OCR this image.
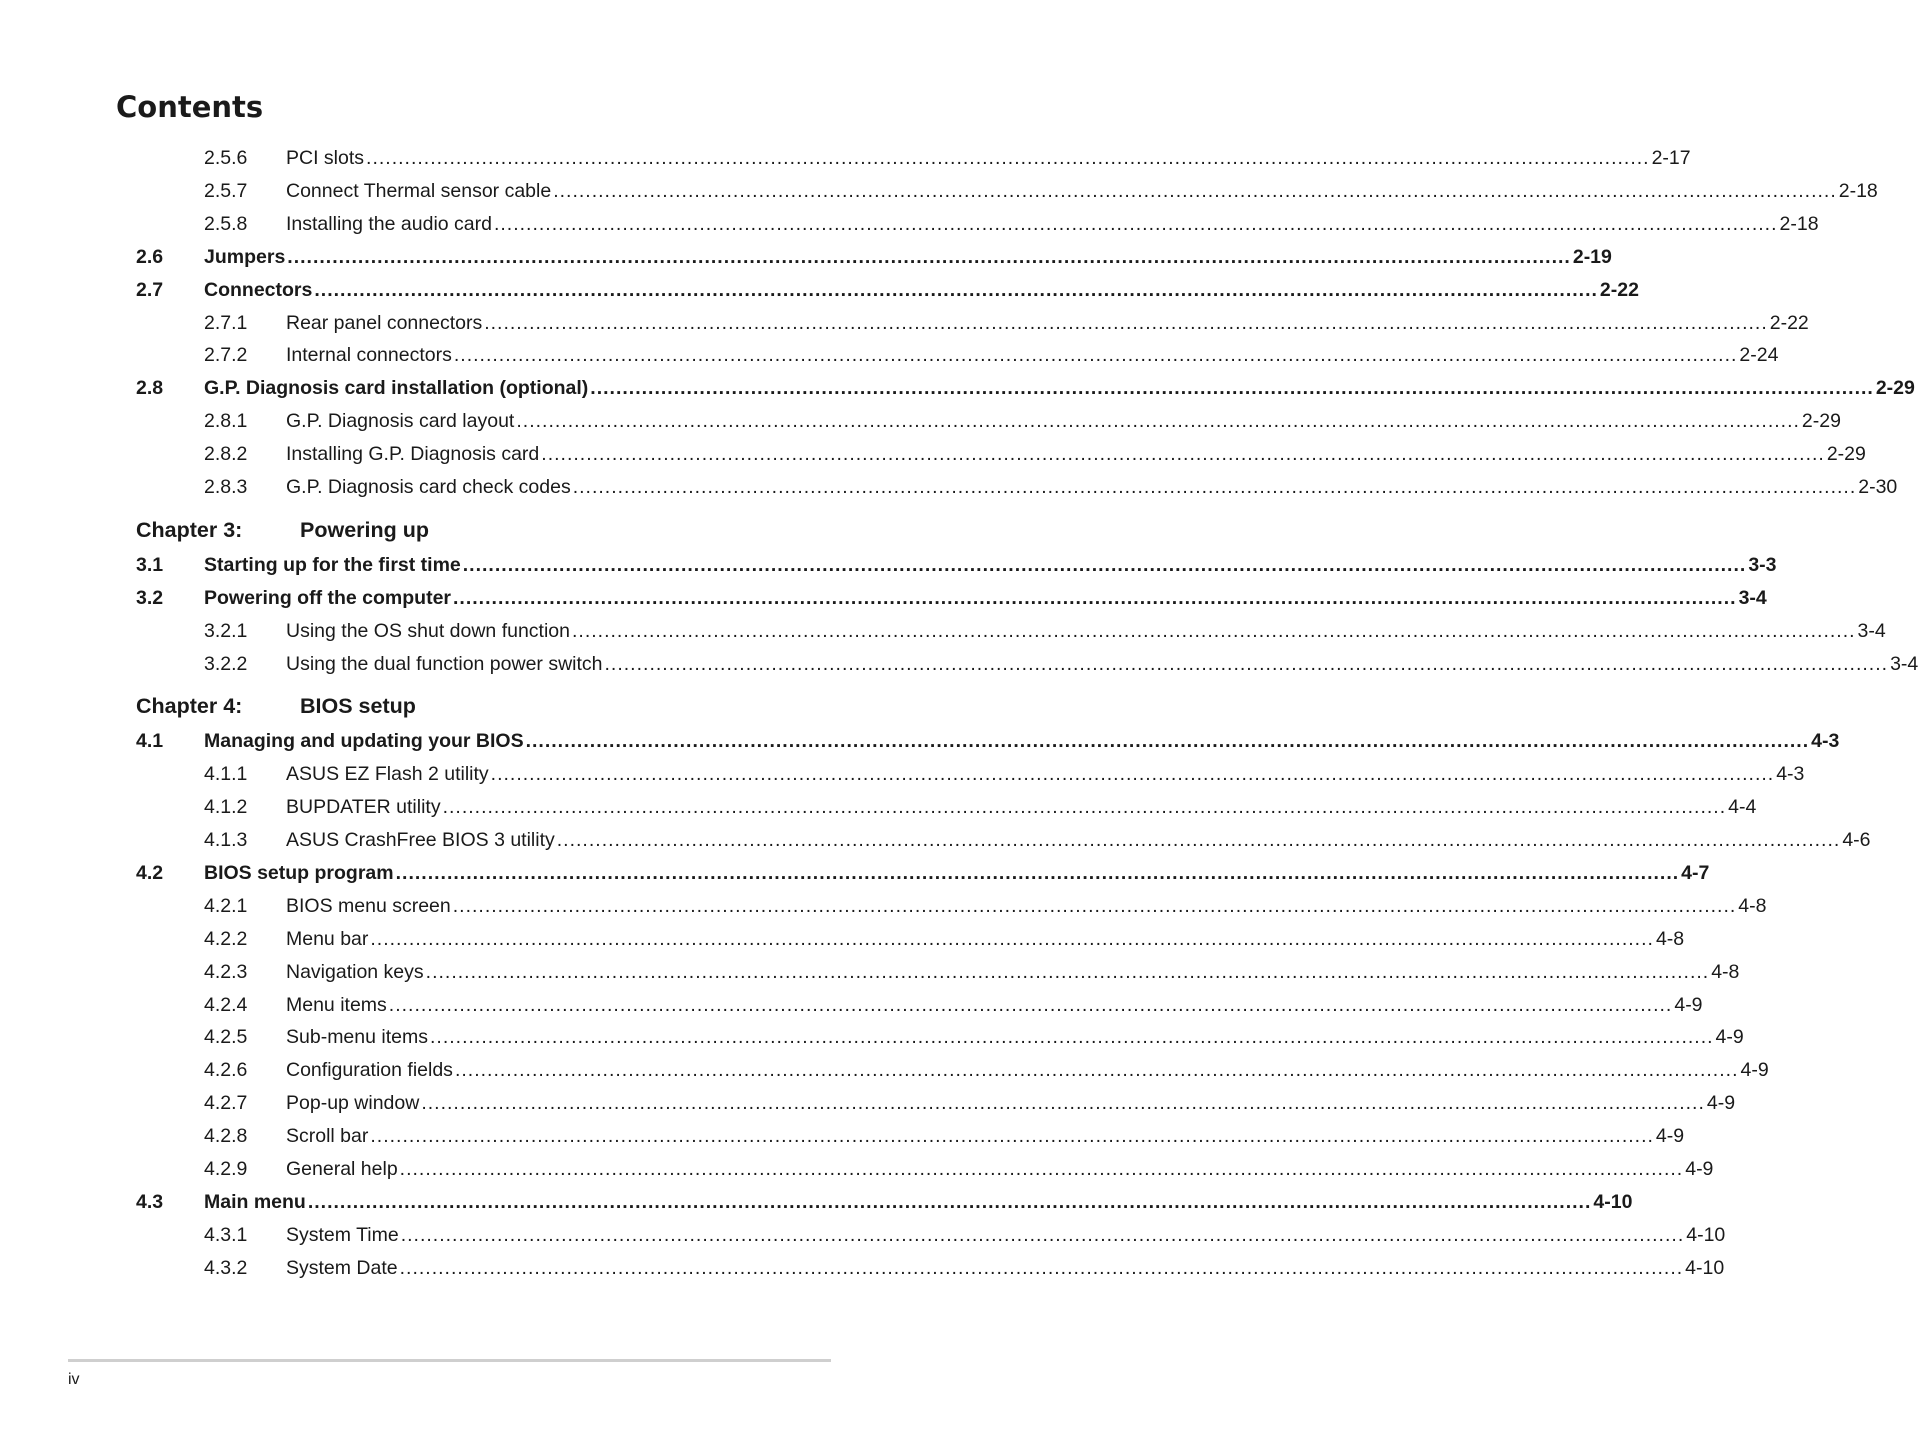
Contents
2.5.6 PCI slots ........................................................................................................................................................................................................ 2-17
2.5.7 Connect Thermal sensor cable ........................................................................................................................................................................................................ 2-18
2.5.8 Installing the audio card ........................................................................................................................................................................................................ 2-18
2.6 Jumpers ........................................................................................................................................................................................................ 2-19
2.7 Connectors ........................................................................................................................................................................................................ 2-22
2.7.1 Rear panel connectors ........................................................................................................................................................................................................ 2-22
2.7.2 Internal connectors ........................................................................................................................................................................................................ 2-24
2.8 G.P. Diagnosis card installation (optional) ........................................................................................................................................................................................................ 2-29
2.8.1 G.P. Diagnosis card layout ........................................................................................................................................................................................................ 2-29
2.8.2 Installing G.P. Diagnosis card ........................................................................................................................................................................................................ 2-29
2.8.3 G.P. Diagnosis card check codes ........................................................................................................................................................................................................ 2-30
Chapter 3:	Powering up
3.1 Starting up for the first time ........................................................................................................................................................................................................ 3-3
3.2 Powering off the computer ........................................................................................................................................................................................................ 3-4
3.2.1 Using the OS shut down function ........................................................................................................................................................................................................ 3-4
3.2.2 Using the dual function power switch ........................................................................................................................................................................................................ 3-4
Chapter 4:	BIOS setup
4.1 Managing and updating your BIOS ........................................................................................................................................................................................................ 4-3
4.1.1 ASUS EZ Flash 2 utility ........................................................................................................................................................................................................ 4-3
4.1.2 BUPDATER utility ........................................................................................................................................................................................................ 4-4
4.1.3 ASUS CrashFree BIOS 3 utility ........................................................................................................................................................................................................ 4-6
4.2 BIOS setup program ........................................................................................................................................................................................................ 4-7
4.2.1 BIOS menu screen ........................................................................................................................................................................................................ 4-8
4.2.2 Menu bar ........................................................................................................................................................................................................ 4-8
4.2.3 Navigation keys ........................................................................................................................................................................................................ 4-8
4.2.4 Menu items ........................................................................................................................................................................................................ 4-9
4.2.5 Sub-menu items ........................................................................................................................................................................................................ 4-9
4.2.6 Configuration fields ........................................................................................................................................................................................................ 4-9
4.2.7 Pop-up window ........................................................................................................................................................................................................ 4-9
4.2.8 Scroll bar ........................................................................................................................................................................................................ 4-9
4.2.9 General help ........................................................................................................................................................................................................ 4-9
4.3 Main menu ........................................................................................................................................................................................................ 4-10
4.3.1 System Time ........................................................................................................................................................................................................ 4-10
4.3.2 System Date ........................................................................................................................................................................................................ 4-10
iv
